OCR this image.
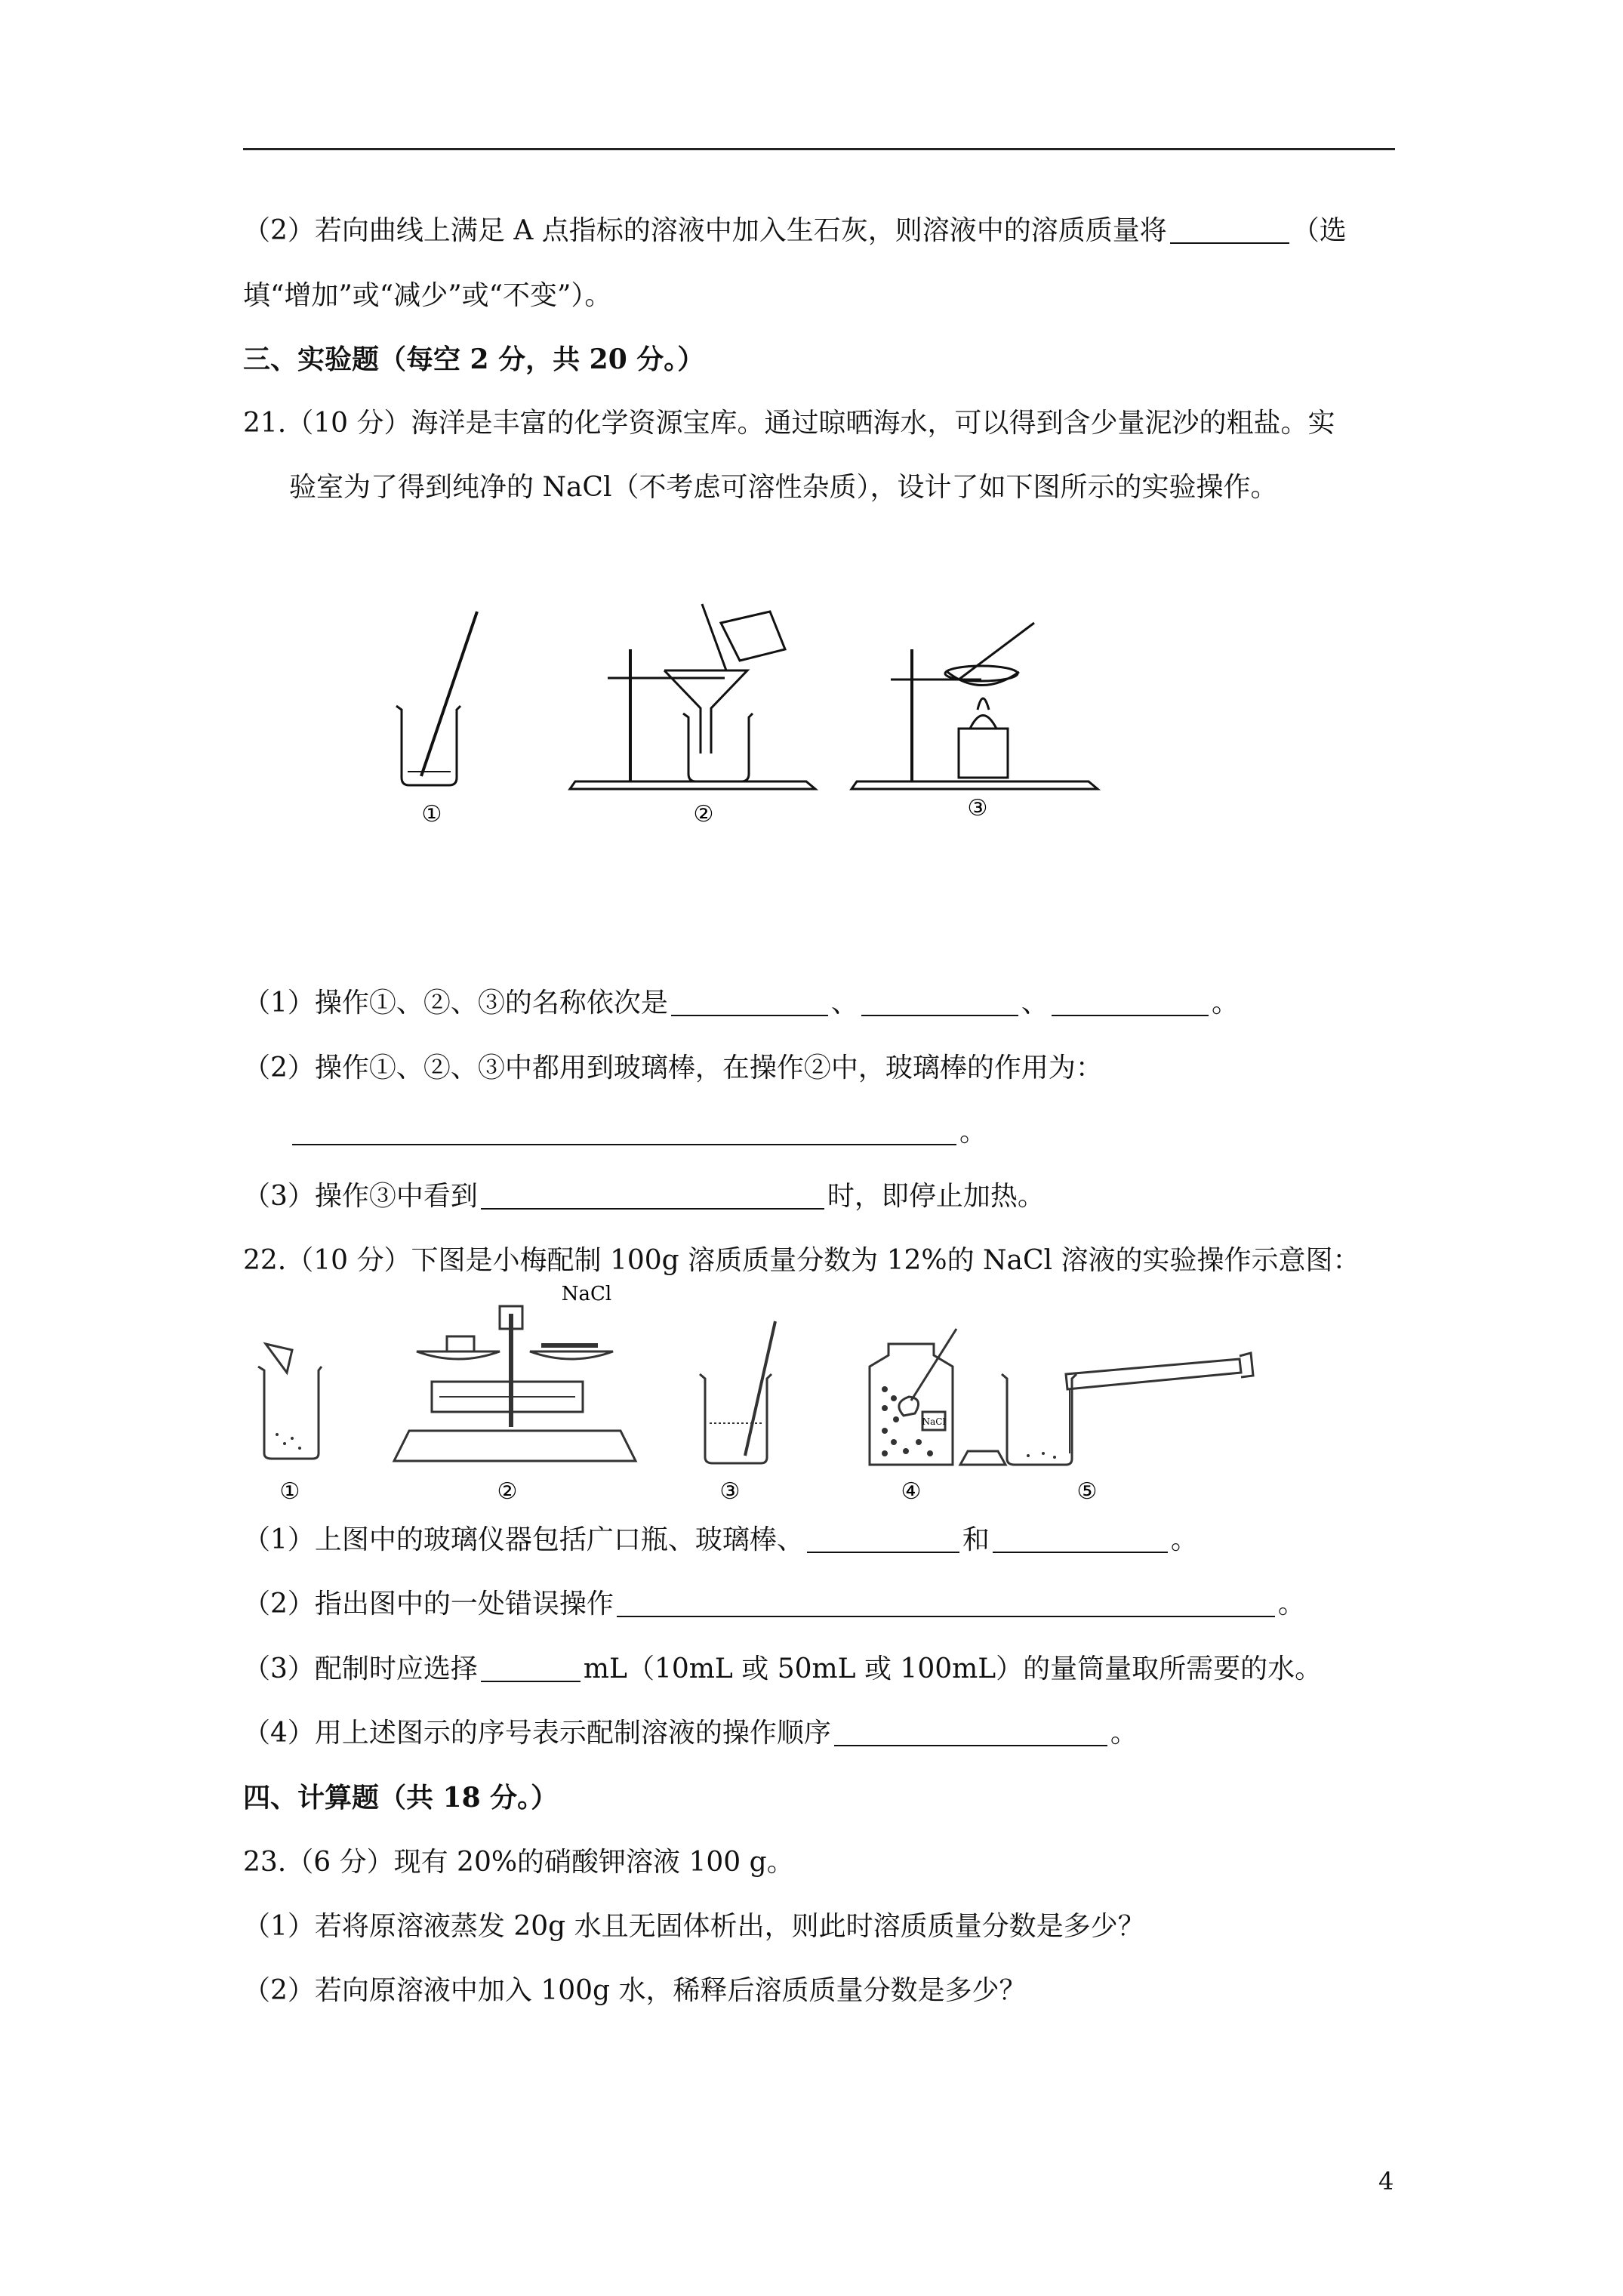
（2）若向曲线上满足 A 点指标的溶液中加入生石灰，则溶液中的溶质质量将	（选
填“增加”或“减少”或“不变”）。
三、实验题（每空 2 分，共 20 分。）
21.（10 分）海洋是丰富的化学资源宝库。通过晾晒海水，可以得到含少量泥沙的粗盐。实
验室为了得到纯净的 NaCl（不考虑可溶性杂质），设计了如下图所示的实验操作。
①	②	③
（1）操作①、②、③的名称依次是	、	、	。
（2）操作①、②、③中都用到玻璃棒，在操作②中，玻璃棒的作用为：
。
（3）操作③中看到	时，即停止加热。
22.（10 分）下图是小梅配制 100g 溶质质量分数为 12%的 NaCl 溶液的实验操作示意图：
NaCl
NaCl
①	②	③	④	⑤
（1）上图中的玻璃仪器包括广口瓶、玻璃棒、	和	。
（2）指出图中的一处错误操作	。
（3）配制时应选择	mL（10mL 或 50mL 或 100mL）的量筒量取所需要的水。
（4）用上述图示的序号表示配制溶液的操作顺序	。
四、计算题（共 18 分。）
23.（6 分）现有 20%的硝酸钾溶液 100 g。
（1）若将原溶液蒸发 20g 水且无固体析出，则此时溶质质量分数是多少？
（2）若向原溶液中加入 100g 水，稀释后溶质质量分数是多少？
4
